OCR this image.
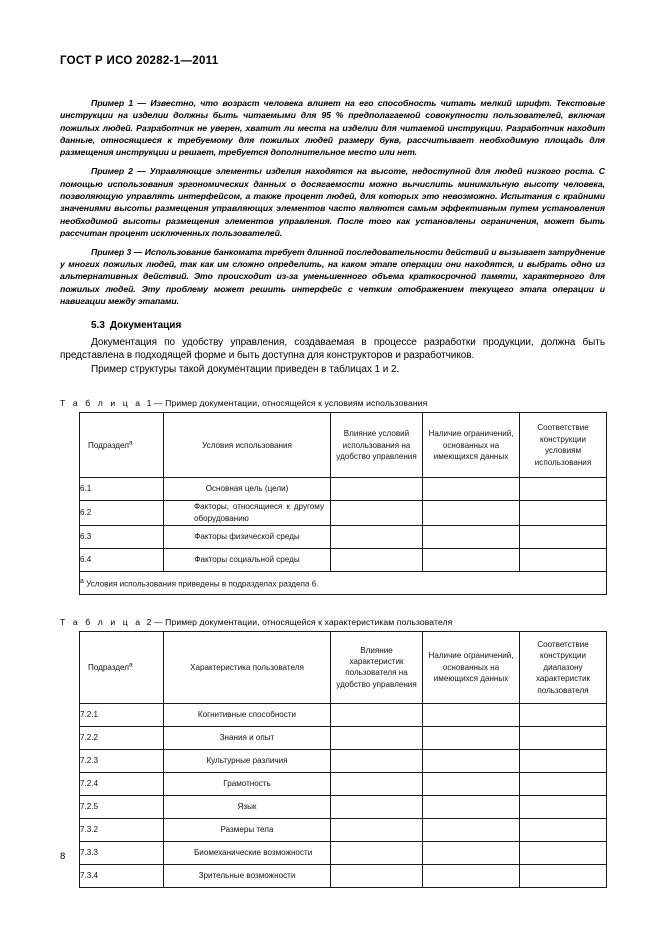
ГОСТ Р ИСО 20282-1—2011

Пример 1 — Известно, что возраст человека влияет на его способность читать мелкий шрифт. Текстовые инструкции на изделии должны быть читаемыми для 95 % предполагаемой совокупности пользователей, включая пожилых людей. Разработчик не уверен, хватит ли места на изделии для читаемой инструкции. Разработчик находит данные, относящиеся к требуемому для пожилых людей размеру букв, рассчитывает необходимую площадь для размещения инструкции и решает, требуется дополнительное место или нет.

Пример 2 — Управляющие элементы изделия находятся на высоте, недоступной для людей низкого роста. С помощью использования эргономических данных о досягаемости можно вычислить минимальную высоту человека, позволяющую управлять интерфейсом, а также процент людей, для которых это невозможно. Испытания с крайними значениями высоты размещения управляющих элементов часто являются самым эффективным путем установления необходимой высоты размещения элементов управления. После того как установлены ограничения, может быть рассчитан процент исключенных пользователей.

Пример 3 — Использование банкомата требует длинной последовательности действий и вызывает затруднение у многих пожилых людей, так как им сложно определить, на каком этапе операции они находятся, и выбрать одно из альтернативных действий. Это происходит из-за уменьшенного объема краткосрочной памяти, характерного для пожилых людей. Эту проблему может решить интерфейс с четким отображением текущего этапа операции и навигации между этапами.

5.3 Документация

Документация по удобству управления, создаваемая в процессе разработки продукции, должна быть представлена в подходящей форме и быть доступна для конструкторов и разработчиков.

Пример структуры такой документации приведен в таблицах 1 и 2.

Т а б л и ц а 1 — Пример документации, относящейся к условиям использования
Подраздел$^а$	Условия использования	Влияние условий использования на удобство управления	Наличие ограничений, основанных на имеющихся данных	Соответствие конструкции условиям использования
6.1	Основная цель (цели)			
6.2	Факторы, относящиеся к другому оборудованию			
6.3	Факторы физической среды			
6.4	Факторы социальной среды			
а Условия использования приведены в подразделах раздела 6.				
Т а б л и ц а 2 — Пример документации, относящейся к характеристикам пользователя
Подраздел$^а$	Характеристика пользователя	Влияние характеристик пользователя на удобство управления	Наличие ограничений, основанных на имеющихся данных	Соответствие конструкции диапазону характеристик пользователя
7.2.1	Когнитивные способности			
7.2.2	Знания и опыт			
7.2.3	Культурные различия			
7.2.4	Грамотность			
7.2.5	Язык			
7.3.2	Размеры тела			
7.3.3	Биомеханические возможности			
7.3.4	Зрительные возможности			
8
